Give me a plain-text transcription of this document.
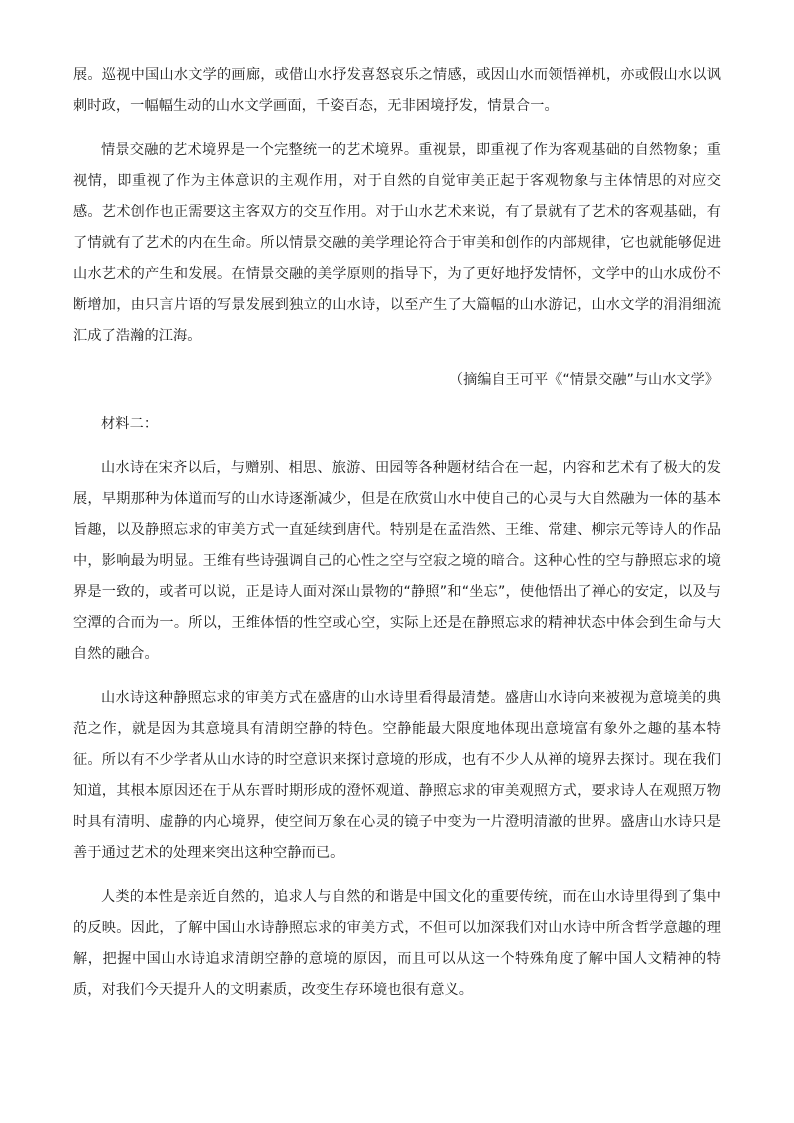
展。巡视中国山水文学的画廊，或借山水抒发喜怒哀乐之情感，或因山水而领悟禅机，亦或假山水以讽刺时政，一幅幅生动的山水文学画面，千姿百态，无非困境抒发，情景合一。

情景交融的艺术境界是一个完整统一的艺术境界。重视景，即重视了作为客观基础的自然物象；重视情，即重视了作为主体意识的主观作用，对于自然的自觉审美正起于客观物象与主体情思的对应交感。艺术创作也正需要这主客双方的交互作用。对于山水艺术来说，有了景就有了艺术的客观基础，有了情就有了艺术的内在生命。所以情景交融的美学理论符合于审美和创作的内部规律，它也就能够促进山水艺术的产生和发展。在情景交融的美学原则的指导下，为了更好地抒发情怀，文学中的山水成份不断增加，由只言片语的写景发展到独立的山水诗，以至产生了大篇幅的山水游记，山水文学的涓涓细流汇成了浩瀚的江海。

（摘编自王可平《“情景交融”与山水文学》

材料二：

山水诗在宋齐以后，与赠别、相思、旅游、田园等各种题材结合在一起，内容和艺术有了极大的发展，早期那种为体道而写的山水诗逐渐减少，但是在欣赏山水中使自己的心灵与大自然融为一体的基本旨趣，以及静照忘求的审美方式一直延续到唐代。特别是在孟浩然、王维、常建、柳宗元等诗人的作品中，影响最为明显。王维有些诗强调自己的心性之空与空寂之境的暗合。这种心性的空与静照忘求的境界是一致的，或者可以说，正是诗人面对深山景物的“静照”和“坐忘”，使他悟出了禅心的安定，以及与空潭的合而为一。所以，王维体悟的性空或心空，实际上还是在静照忘求的精神状态中体会到生命与大自然的融合。

山水诗这种静照忘求的审美方式在盛唐的山水诗里看得最清楚。盛唐山水诗向来被视为意境美的典范之作，就是因为其意境具有清朗空静的特色。空静能最大限度地体现出意境富有象外之趣的基本特征。所以有不少学者从山水诗的时空意识来探讨意境的形成，也有不少人从禅的境界去探讨。现在我们知道，其根本原因还在于从东晋时期形成的澄怀观道、静照忘求的审美观照方式，要求诗人在观照万物时具有清明、虚静的内心境界，使空间万象在心灵的镜子中变为一片澄明清澈的世界。盛唐山水诗只是善于通过艺术的处理来突出这种空静而已。

人类的本性是亲近自然的，追求人与自然的和谐是中国文化的重要传统，而在山水诗里得到了集中的反映。因此，了解中国山水诗静照忘求的审美方式，不但可以加深我们对山水诗中所含哲学意趣的理解，把握中国山水诗追求清朗空静的意境的原因，而且可以从这一个特殊角度了解中国人文精神的特质，对我们今天提升人的文明素质，改变生存环境也很有意义。
